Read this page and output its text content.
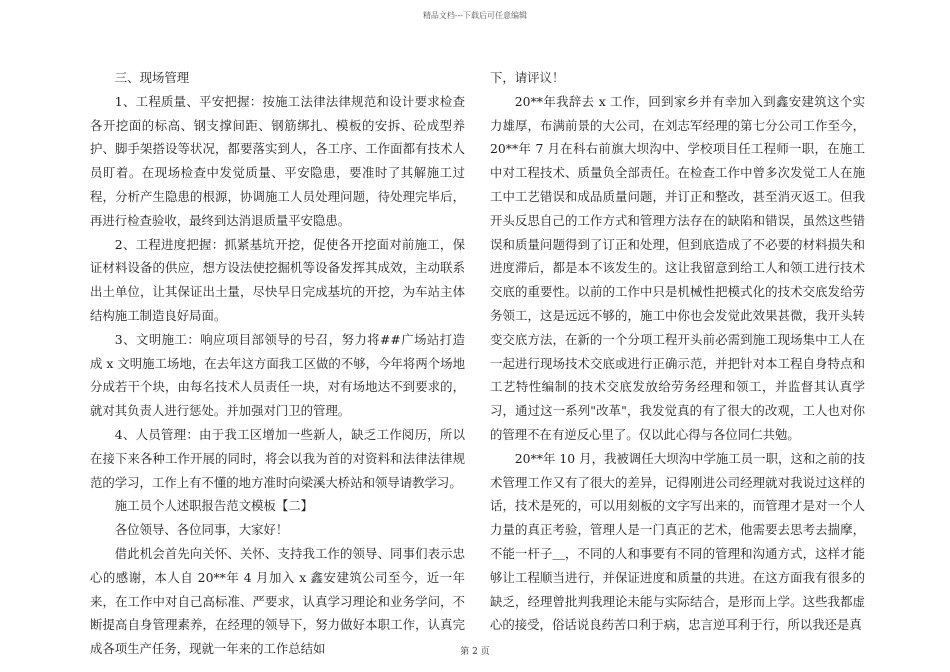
精品文档---下载后可任意编辑

三、现场管理

1、工程质量、平安把握：按施工法律法律规范和设计要求检查各开挖面的标高、钢支撑间距、钢筋绑扎、模板的安拆、砼成型养护、脚手架搭设等状况，都要落实到人，各工序、工作面都有技术人员盯着。在现场检查中发觉质量、平安隐患，要准时了其解施工过程，分析产生隐患的根源，协调施工人员处理问题，待处理完毕后，再进行检查验收，最终到达消退质量平安隐患。

2、工程进度把握：抓紧基坑开挖，促使各开挖面对前施工，保证材料设备的供应，想方设法使挖掘机等设备发挥其成效，主动联系出土单位，让其保证出土量，尽快早日完成基坑的开挖，为车站主体结构施工制造良好局面。

3、文明施工：响应项目部领导的号召，努力将##广场站打造成 x 文明施工场地，在去年这方面我工区做的不够，今年将两个场地分成若干个块，由每名技术人员责任一块，对有场地达不到要求的，就对其负责人进行惩处。并加强对门卫的管理。

4、人员管理：由于我工区增加一些新人，缺乏工作阅历，所以在接下来各种工作开展的同时，将会以我为首的对资料和法律法律规范的学习，工作上有不懂的地方准时向梁溪大桥站和领导请教学习。

施工员个人述职报告范文模板【二】

各位领导、各位同事，大家好！

借此机会首先向关怀、关怀、支持我工作的领导、同事们表示忠心的感谢，本人自 20**年 4 月加入 x 鑫安建筑公司至今，近一年来，在工作中对自己高标准、严要求，认真学习理论和业务学问，不断提高自身管理素养，在经理的领导下，努力做好本职工作，认真完成各项生产任务，现就一年来的工作总结如

下，请评议！

20**年我辞去 x 工作，回到家乡并有幸加入到鑫安建筑这个实力雄厚，布满前景的大公司，在刘志军经理的第七分公司工作至今，20**年 7 月在科右前旗大坝沟中、学校项目任工程师一职，在施工中对工程技术、质量负全部责任。在检查工作中曾多次发觉工人在施工中工艺错误和成品质量问题，并订正和整改，甚至消灭返工。但我开头反思自己的工作方式和管理方法存在的缺陷和错误，虽然这些错误和质量问题得到了订正和处理，但到底造成了不必要的材料损失和进度滞后，都是本不该发生的。这让我留意到给工人和领工进行技术交底的重要性。以前的工作中只是机械性把模式化的技术交底发给劳务领工，这是远远不够的，施工中你也会发觉此效果甚微，我开头转变交底方法，在新的一个分项工程开头前必需到施工现场集中工人在一起进行现场技术交底或进行正确示范，并把针对本工程自身特点和工艺特性编制的技术交底发放给劳务经理和领工，并监督其认真学习，通过这一系列"改革"，我发觉真的有了很大的改观，工人也对你的管理不在有逆反心里了。仅以此心得与各位同仁共勉。

20**年 10 月，我被调任大坝沟中学施工员一职，这和之前的技术管理工作又有了很大的差异，记得刚进公司经理就对我说过这样的话，技术是死的，可以用刻板的文字写出来的，而管理才是对一个人力量的真正考验，管理人是一门真正的艺术，他需要去思考去揣摩，不能一杆子＿，不同的人和事要有不同的管理和沟通方式，这样才能够让工程顺当进行，并保证进度和质量的共进。在这方面我有很多的缺乏，经理曾批判我理论未能与实际结合，是形而上学。这些我都虚心的接受，俗话说良药苦口利于病，忠言逆耳利于行，所以我还是真

第 2 页
